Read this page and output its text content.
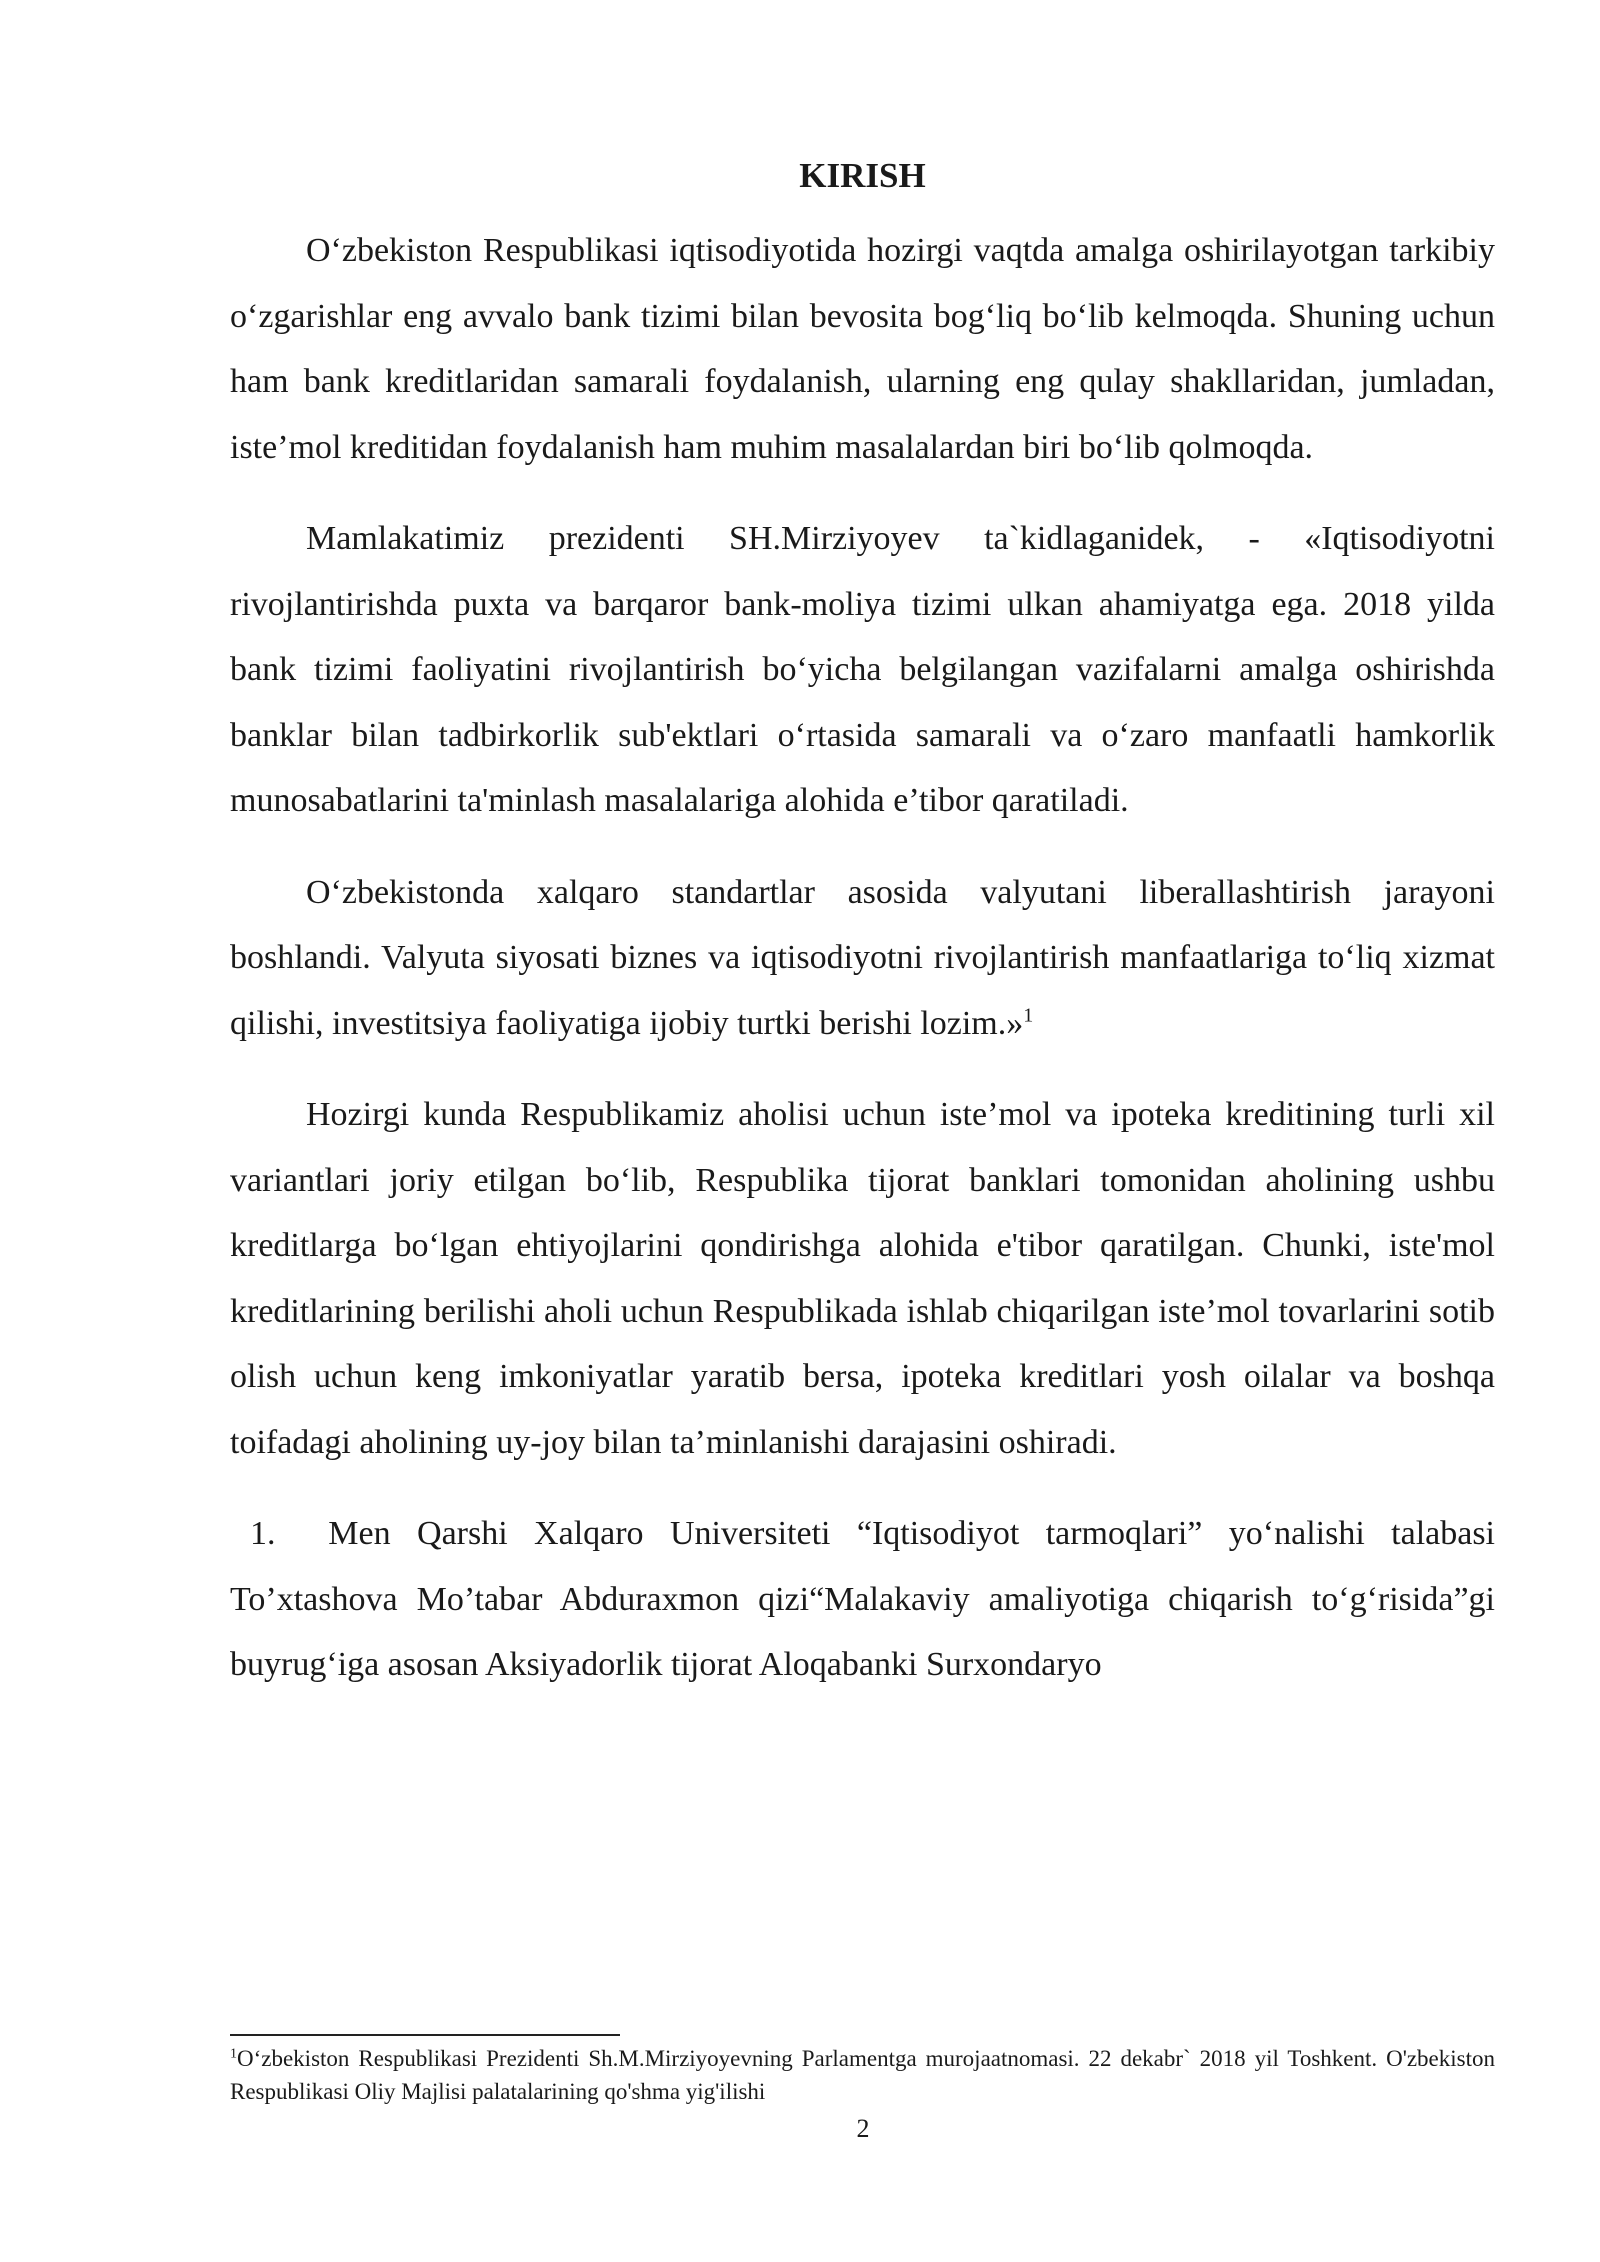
KIRISH

O‘zbekiston Respublikasi iqtisodiyotida hozirgi vaqtda amalga oshirilayotgan tarkibiy o‘zgarishlar eng avvalo bank tizimi bilan bevosita bog‘liq bo‘lib kelmoqda. Shuning uchun ham bank kreditlaridan samarali foydalanish, ularning eng qulay shakllaridan, jumladan, iste’mol kreditidan foydalanish ham muhim masalalardan biri bo‘lib qolmoqda.

Mamlakatimiz prezidenti SH.Mirziyoyev ta`kidlaganidek, - «Iqtisodiyotni rivojlantirishda puxta va barqaror bank-moliya tizimi ulkan ahamiyatga ega. 2018 yilda bank tizimi faoliyatini rivojlantirish bo‘yicha belgilangan vazifalarni amalga oshirishda banklar bilan tadbirkorlik sub'ektlari o‘rtasida samarali va o‘zaro manfaatli hamkorlik munosabatlarini ta'minlash masalalariga alohida e’tibor qaratiladi.

O‘zbekistonda xalqaro standartlar asosida valyutani liberallashtirish jarayoni boshlandi. Valyuta siyosati biznes va iqtisodiyotni rivojlantirish manfaatlariga to‘liq xizmat qilishi, investitsiya faoliyatiga ijobiy turtki berishi lozim.»$^1$

Hozirgi kunda Respublikamiz aholisi uchun iste’mol va ipoteka kreditining turli xil variantlari joriy etilgan bo‘lib, Respublika tijorat banklari tomonidan aholining ushbu kreditlarga bo‘lgan ehtiyojlarini qondirishga alohida e'tibor qaratilgan. Chunki, iste'mol kreditlarining berilishi aholi uchun Respublikada ishlab chiqarilgan iste’mol tovarlarini sotib olish uchun keng imkoniyatlar yaratib bersa, ipoteka kreditlari yosh oilalar va boshqa toifadagi aholining uy-joy bilan ta’minlanishi darajasini oshiradi.

1. Men Qarshi Xalqaro Universiteti “Iqtisodiyot tarmoqlari” yo‘nalishi talabasi To’xtashova Mo’tabar Abduraxmon qizi“Malakaviy amaliyotiga chiqarish to‘g‘risida”gi buyrug‘iga asosan Aksiyadorlik tijorat Aloqabanki Surxondaryo

$^1$O‘zbekiston Respublikasi Prezidenti Sh.M.Mirziyoyevning Parlamentga murojaatnomasi. 22 dekabr` 2018 yil Toshkent. O'zbekiston Respublikasi Oliy Majlisi palatalarining qo'shma yig'ilishi

2
